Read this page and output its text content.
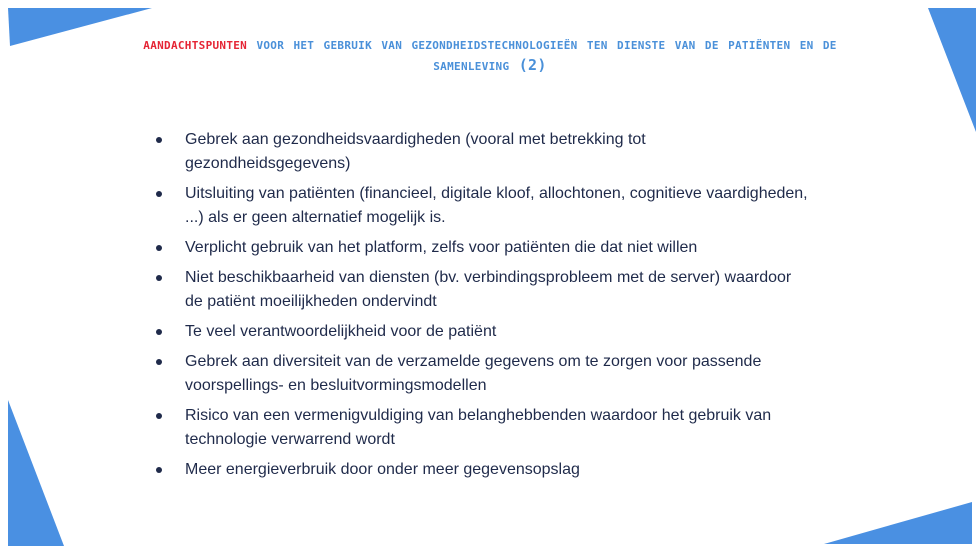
aandachtspunten voor het gebruik van gezondheidstechnologieën ten dienste van de patiënten en de samenleving (2)
Gebrek aan gezondheidsvaardigheden (vooral met betrekking tot gezondheidsgegevens)
Uitsluiting van patiënten (financieel, digitale kloof, allochtonen, cognitieve vaardigheden, ...) als er geen alternatief mogelijk is.
Verplicht gebruik van het platform, zelfs voor patiënten die dat niet willen
Niet beschikbaarheid van diensten (bv. verbindingsprobleem met de server) waardoor de patiënt moeilijkheden ondervindt
Te veel verantwoordelijkheid voor de patiënt
Gebrek aan diversiteit van de verzamelde gegevens om te zorgen voor passende voorspellings- en besluitvormingsmodellen
Risico van een vermenigvuldiging van belanghebbenden waardoor het gebruik van technologie verwarrend wordt
Meer energieverbruik door onder meer gegevensopslag
